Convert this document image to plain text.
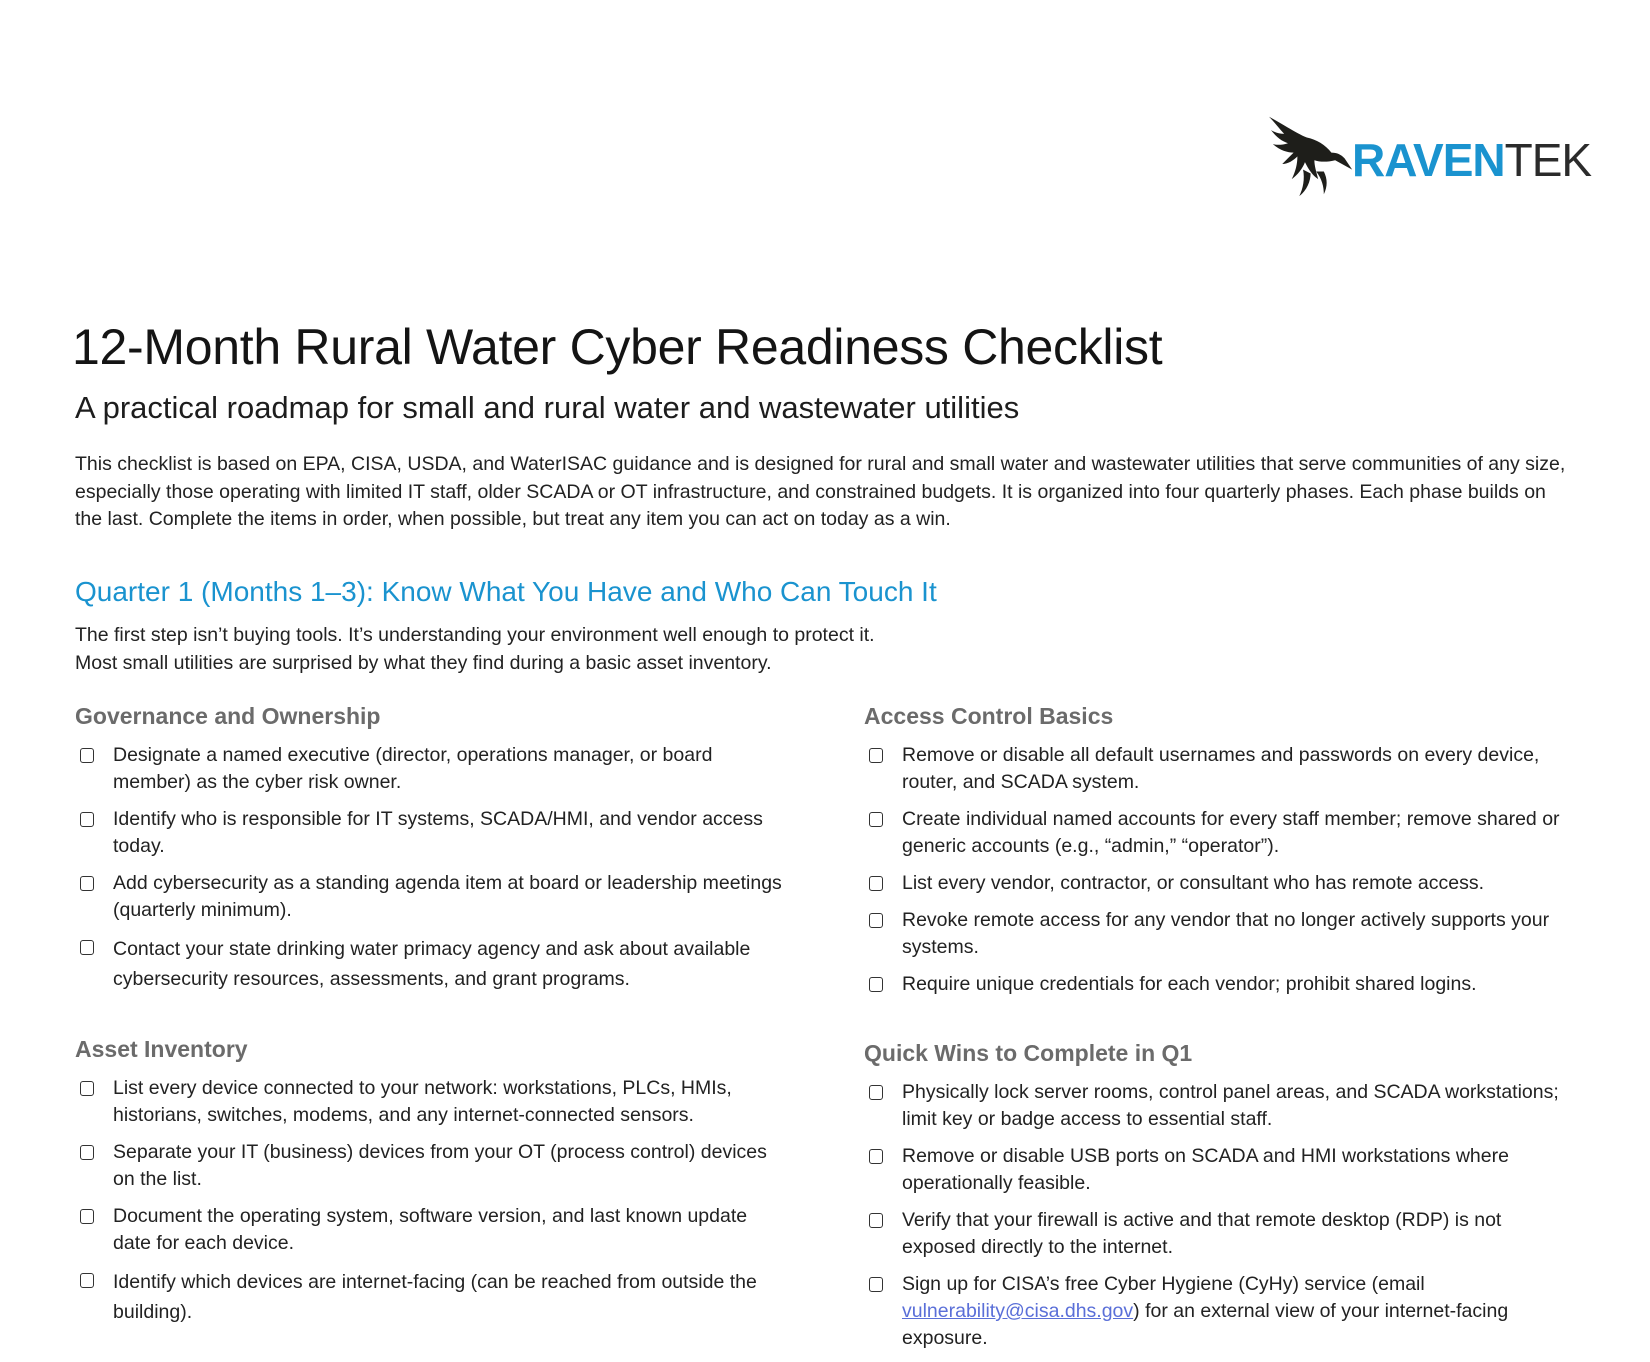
RAVENTEK
12-Month Rural Water Cyber Readiness Checklist
A practical roadmap for small and rural water and wastewater utilities

This checklist is based on EPA, CISA, USDA, and WaterISAC guidance and is designed for rural and small water and wastewater utilities that serve communities of any size, especially those operating with limited IT staff, older SCADA or OT infrastructure, and constrained budgets. It is organized into four quarterly phases. Each phase builds on the last. Complete the items in order, when possible, but treat any item you can act on today as a win.

Quarter 1 (Months 1–3): Know What You Have and Who Can Touch It

The first step isn’t buying tools. It’s understanding your environment well enough to protect it.
Most small utilities are surprised by what they find during a basic asset inventory.

Governance and Ownership
Designate a named executive (director, operations manager, or board member) as the cyber risk owner.
Identify who is responsible for IT systems, SCADA/HMI, and vendor access today.
Add cybersecurity as a standing agenda item at board or leadership meetings (quarterly minimum).
Contact your state drinking water primacy agency and ask about available cybersecurity resources, assessments, and grant programs.
Asset Inventory
List every device connected to your network: workstations, PLCs, HMIs, historians, switches, modems, and any internet-connected sensors.
Separate your IT (business) devices from your OT (process control) devices on the list.
Document the operating system, software version, and last known update date for each device.
Identify which devices are internet-facing (can be reached from outside the building).
Access Control Basics
Remove or disable all default usernames and passwords on every device, router, and SCADA system.
Create individual named accounts for every staff member; remove shared or generic accounts (e.g., “admin,” “operator”).
List every vendor, contractor, or consultant who has remote access.
Revoke remote access for any vendor that no longer actively supports your systems.
Require unique credentials for each vendor; prohibit shared logins.
Quick Wins to Complete in Q1
Physically lock server rooms, control panel areas, and SCADA workstations; limit key or badge access to essential staff.
Remove or disable USB ports on SCADA and HMI workstations where operationally feasible.
Verify that your firewall is active and that remote desktop (RDP) is not exposed directly to the internet.
Sign up for CISA’s free Cyber Hygiene (CyHy) service (email vulnerability@cisa.dhs.gov) for an external view of your internet-facing exposure.
